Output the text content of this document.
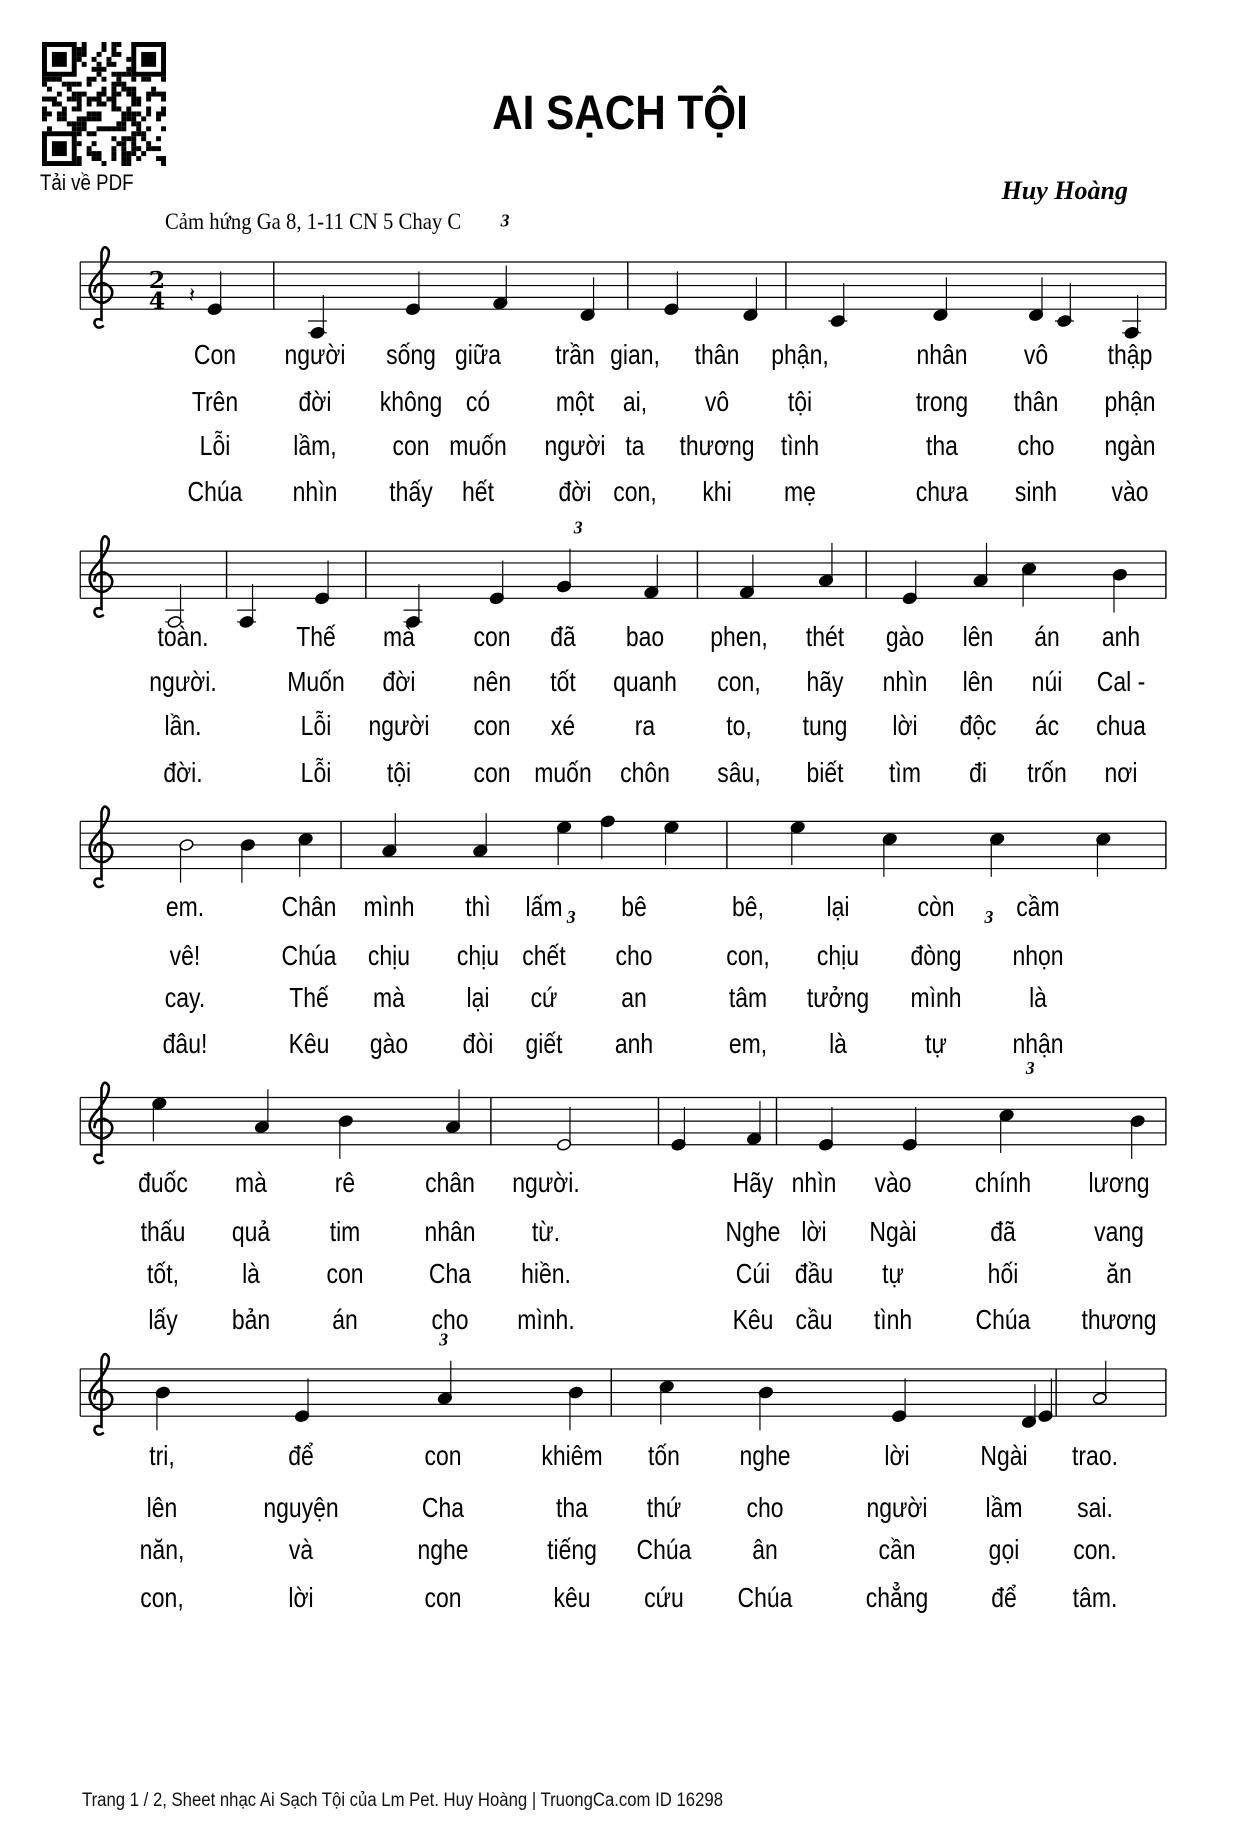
Tải về PDF
AI SẠCH TỘI
Huy Hoàng
Cảm hứng Ga 8, 1-11 CN 5 Chay C
2
4 𝄽
3
3
3	3
3
3
Con người sống giữa trần gian, thân phận,	nhân vô thập
Trên đời không có một ai, vô tội	trong thân phận
Lỗi lầm, con muốn người ta thương tình	tha cho ngàn
Chúa nhìn thấy hết đời con, khi mẹ	chưa sinh vào
toàn.	Thế mà con đã bao phen, thét gào lên án anh
người.	Muốn đời nên tốt quanh con, hãy nhìn lên núi Cal -
lần.	Lỗi người con xé ra	to, tung lời độc ác chua
đời.	Lỗi tội con muốn chôn sâu, biết tìm đi trốn nơi
em.	Chân mình thì lấm bê	bê, lại còn cầm
vê!	Chúa chịu chịu chết cho	con, chịu đòng nhọn
cay.	Thế mà lại cứ an	tâm tưởng mình là
đâu!	Kêu gào đòi giết anh	em, là	tự nhận
đuốc mà rê chân người.	Hãy nhìn vào chính lương
thấu quả tim nhân từ.	Nghe lời Ngài	đã	vang
tốt, là con Cha hiền.	Cúi đầu tự	hối	ăn
lấy bản án	cho mình.	Kêu cầu tình Chúa thương
tri,	để	con	khiêm tốn nghe	lời	Ngài trao.
lên	nguyện	Cha	tha thứ cho	người lầm sai.
năn,	và	nghe	tiếng Chúa ân	cần	gọi con.
con,	lời	con	kêu cứu Chúa	chẳng để tâm.
Trang 1 / 2, Sheet nhạc Ai Sạch Tội của Lm Pet. Huy Hoàng | TruongCa.com ID 16298
